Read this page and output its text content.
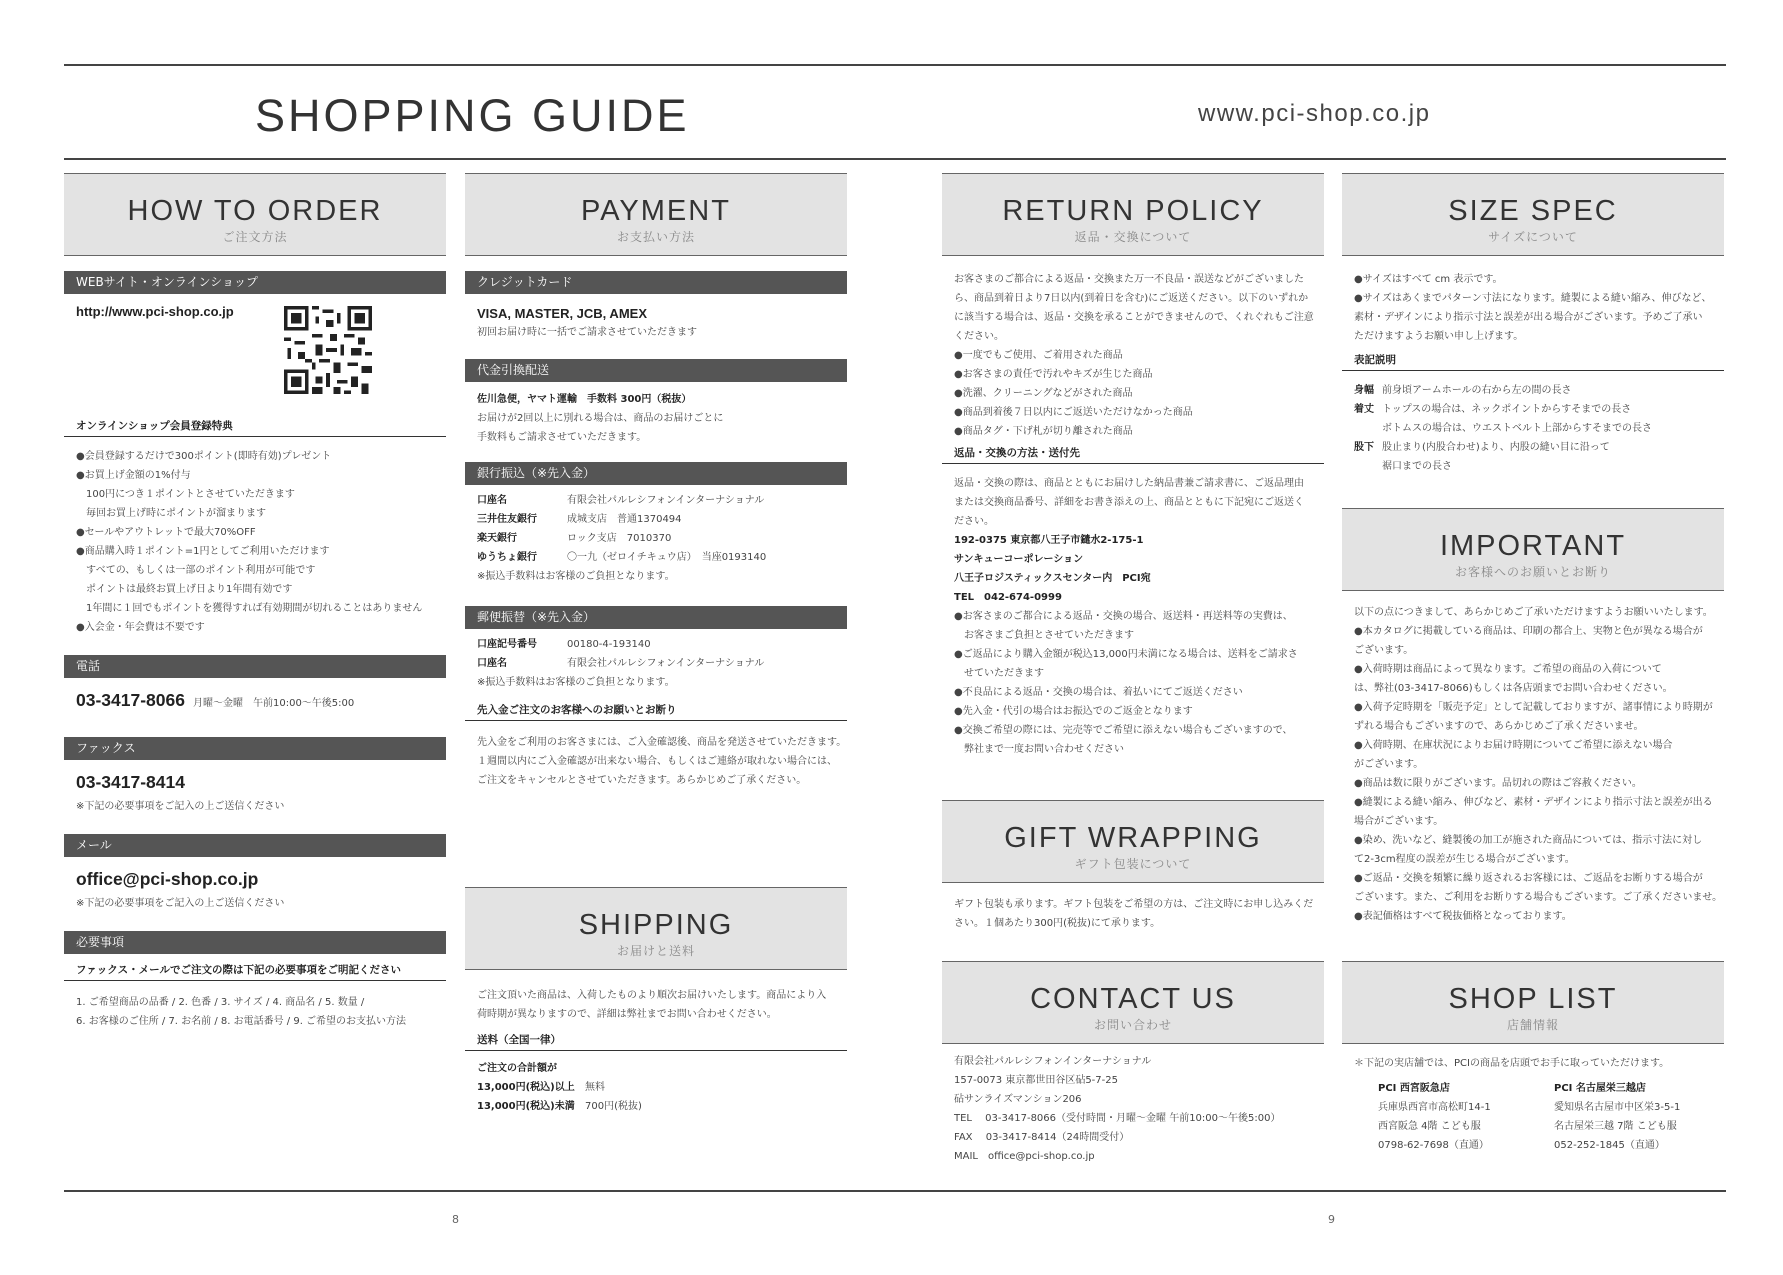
SHOPPING GUIDE	www.pci-shop.co.jp
HOW TO ORDER
ご注文方法
WEBサイト・オンラインショップ
http://www.pci-shop.co.jp
オンラインショップ会員登録特典
●会員登録するだけで300ポイント(即時有効)プレゼント
●お買上げ金額の1%付与
　100円につき１ポイントとさせていただきます
　毎回お買上げ時にポイントが溜まります
●セールやアウトレットで最大70%OFF
●商品購入時１ポイント=1円としてご利用いただけます
　すべての、もしくは一部のポイント利用が可能です
　ポイントは最終お買上げ日より1年間有効です
　1年間に１回でもポイントを獲得すれば有効期間が切れることはありません
●入会金・年会費は不要です
電話
03-3417-8066 月曜～金曜　午前10:00～午後5:00
ファックス
03-3417-8414
※下記の必要事項をご記入の上ご送信ください
メール
office@pci-shop.co.jp
※下記の必要事項をご記入の上ご送信ください
必要事項
ファックス・メールでご注文の際は下記の必要事項をご明記ください
1. ご希望商品の品番 / 2. 色番 / 3. サイズ / 4. 商品名 / 5. 数量 /
6. お客様のご住所 / 7. お名前 / 8. お電話番号 / 9. ご希望のお支払い方法
PAYMENT
お支払い方法
クレジットカード
VISA, MASTER, JCB, AMEX
初回お届け時に一括でご請求させていただきます
代金引換配送
佐川急便，ヤマト運輸　手数料 300円（税抜）
お届けが2回以上に別れる場合は、商品のお届けごとに
手数料もご請求させていただきます。
銀行振込（※先入金）
口座名	有限会社パルレシフォンインターナショナル
三井住友銀行	成城支店　普通1370494
楽天銀行	ロック支店　7010370
ゆうちょ銀行	〇一九（ゼロイチキュウ店）　当座0193140
※振込手数料はお客様のご負担となります。
郵便振替（※先入金）
口座記号番号	00180-4-193140
口座名	有限会社パルレシフォンインターナショナル
※振込手数料はお客様のご負担となります。
先入金ご注文のお客様へのお願いとお断り
先入金をご利用のお客さまには、ご入金確認後、商品を発送させていただきます。
１週間以内にご入金確認が出来ない場合、もしくはご連絡が取れない場合には、
ご注文をキャンセルとさせていただきます。あらかじめご了承ください。
SHIPPING
お届けと送料
ご注文頂いた商品は、入荷したものより順次お届けいたします。商品により入
荷時期が異なりますので、詳細は弊社までお問い合わせください。
送料（全国一律）
ご注文の合計額が
13,000円(税込)以上	無料
13,000円(税込)未満	700円(税抜)
RETURN POLICY
返品・交換について
お客さまのご都合による返品・交換また万一不良品・誤送などがございました
ら、商品到着日より7日以内(到着日を含む)にご返送ください。以下のいずれか
に該当する場合は、返品・交換を承ることができませんので、くれぐれもご注意
ください。
●一度でもご使用、ご着用された商品
●お客さまの責任で汚れやキズが生じた商品
●洗濯、クリーニングなどがされた商品
●商品到着後７日以内にご返送いただけなかった商品
●商品タグ・下げ札が切り離された商品
返品・交換の方法・送付先
返品・交換の際は、商品とともにお届けした納品書兼ご請求書に、ご返品理由
または交換商品番号、詳細をお書き添えの上、商品とともに下記宛にご返送く
ださい。
192-0375 東京都八王子市鑓水2-175-1
サンキューコーポレーション
八王子ロジスティックスセンター内　PCI宛
TEL　042-674-0999
●お客さまのご都合による返品・交換の場合、返送料・再送料等の実費は、
　お客さまご負担とさせていただきます
●ご返品により購入金額が税込13,000円未満になる場合は、送料をご請求さ
　せていただきます
●不良品による返品・交換の場合は、着払いにてご返送ください
●先入金・代引の場合はお振込でのご返金となります
●交換ご希望の際には、完売等でご希望に添えない場合もございますので、
　弊社まで一度お問い合わせください
GIFT WRAPPING
ギフト包装について
ギフト包装も承ります。ギフト包装をご希望の方は、ご注文時にお申し込みくだ
さい。１個あたり300円(税抜)にて承ります。
CONTACT US
お問い合わせ
有限会社パルレシフォンインターナショナル
157-0073 東京都世田谷区砧5-7-25
砧サンライズマンション206
TEL　 03-3417-8066（受付時間・月曜～金曜 午前10:00～午後5:00）
FAX　 03-3417-8414（24時間受付）
MAIL　office@pci-shop.co.jp
SIZE SPEC
サイズについて
●サイズはすべて cm 表示です。
●サイズはあくまでパターン寸法になります。縫製による縫い縮み、伸びなど、
素材・デザインにより指示寸法と誤差が出る場合がございます。予めご了承い
ただけますようお願い申し上げます。
表記説明
身幅 前身頃アームホールの右から左の間の長さ
着丈 トップスの場合は、ネックポイントからすそまでの長さ
ボトムスの場合は、ウエストベルト上部からすそまでの長さ
股下 股止まり(内股合わせ)より、内股の縫い目に沿って
裾口までの長さ
IMPORTANT
お客様へのお願いとお断り
以下の点につきまして、あらかじめご了承いただけますようお願いいたします。
●本カタログに掲載している商品は、印刷の都合上、実物と色が異なる場合が
ございます。
●入荷時期は商品によって異なります。ご希望の商品の入荷について
は、弊社(03-3417-8066)もしくは各店頭までお問い合わせください。
●入荷予定時期を「販売予定」として記載しておりますが、諸事情により時期が
ずれる場合もございますので、あらかじめご了承くださいませ。
●入荷時期、在庫状況によりお届け時期についてご希望に添えない場合
がございます。
●商品は数に限りがございます。品切れの際はご容赦ください。
●縫製による縫い縮み、伸びなど、素材・デザインにより指示寸法と誤差が出る
場合がございます。
●染め、洗いなど、縫製後の加工が施された商品については、指示寸法に対し
て2-3cm程度の誤差が生じる場合がございます。
●ご返品・交換を頻繁に繰り返されるお客様には、ご返品をお断りする場合が
ございます。また、ご利用をお断りする場合もございます。ご了承くださいませ。
●表記価格はすべて税抜価格となっております。
SHOP LIST
店舗情報
＊下記の実店舗では、PCIの商品を店頭でお手に取っていただけます。
PCI 西宮阪急店
兵庫県西宮市高松町14-1
西宮阪急 4階 こども服
0798-62-7698（直通）
PCI 名古屋栄三越店
愛知県名古屋市中区栄3-5-1
名古屋栄三越 7階 こども服
052-252-1845（直通）
8	9
